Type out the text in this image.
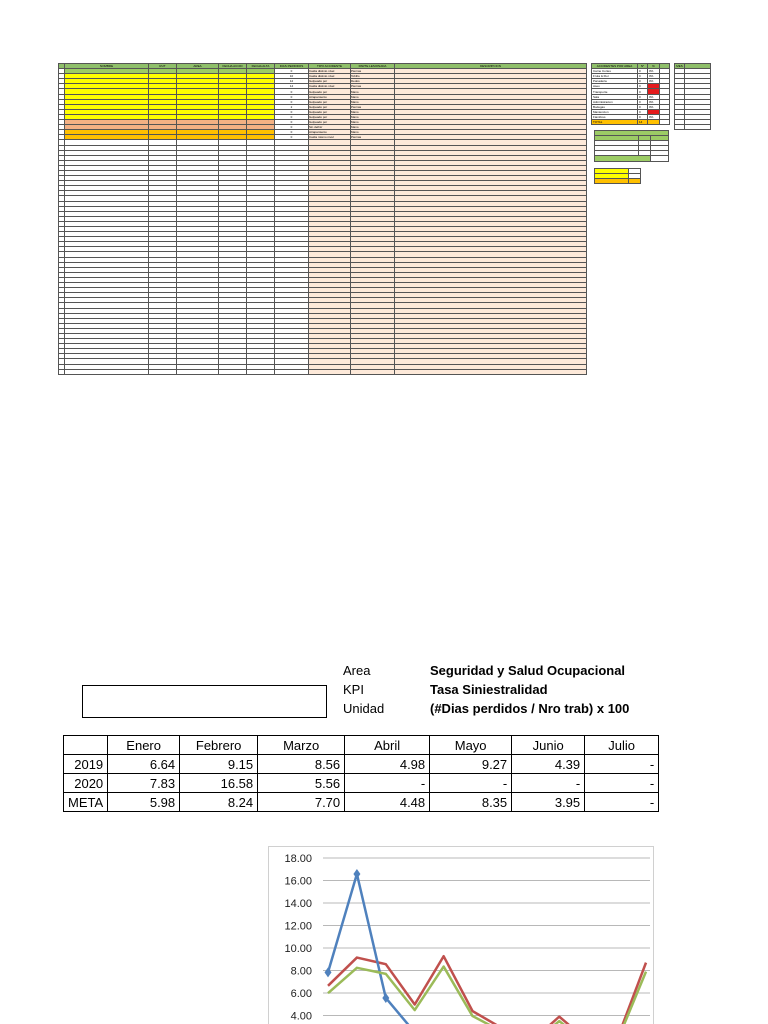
	NOMBRE	RUT	AREA	FECHA ACCID	FECHA ALTA	DIAS PERDIDOS	TIPO ACCIDENTE	PARTE LESIONADA	DESCRIPCION
						0	Caída distinto nivel	Piernas	
						10	Caída distinto nivel	Tobillo	
						12	Golpeado por	Dedos	
						14	Caída distinto nivel	Piernas	
						0	Golpeado por	Mano	
						0	Atrapamiento	Mano	
						0	Golpeado por	Mano	
						2	Golpeado por	Piernas	
						0	Golpeado por	Mano	
						0	Golpeado por	Mano	
						0	Golpeado por	Mano	
						0	Sin definir	Mano	
						0	Atrapamiento	Mano	
						0	Caída mismo nivel	Piernas	

ACCIDENTES POR AREA	N°	%	
Carne Cortes	0	0%	
Fruta & Flor	0	0%	
Panaderia	0	0%	
Aseo	0		
Transporte	0		
Sala	0	0%	
Administracion	0	0%	
Bodegas	0	0%	
Mantencion	0		
Fiambres	0	0%	
TOTAL	14		
MES	

Area	Seguridad y Salud Ocupacional
KPI	Tasa Siniestralidad
Unidad	(#Dias perdidos / Nro trab) x 100
	Enero	Febrero	Marzo	Abril	Mayo	Junio	Julio
2019	6.64	9.15	8.56	4.98	9.27	4.39	-
2020	7.83	16.58	5.56	-	-	-	-
META	5.98	8.24	7.70	4.48	8.35	3.95	-
18.00
16.00
14.00
12.00
10.00
8.00
6.00
4.00
